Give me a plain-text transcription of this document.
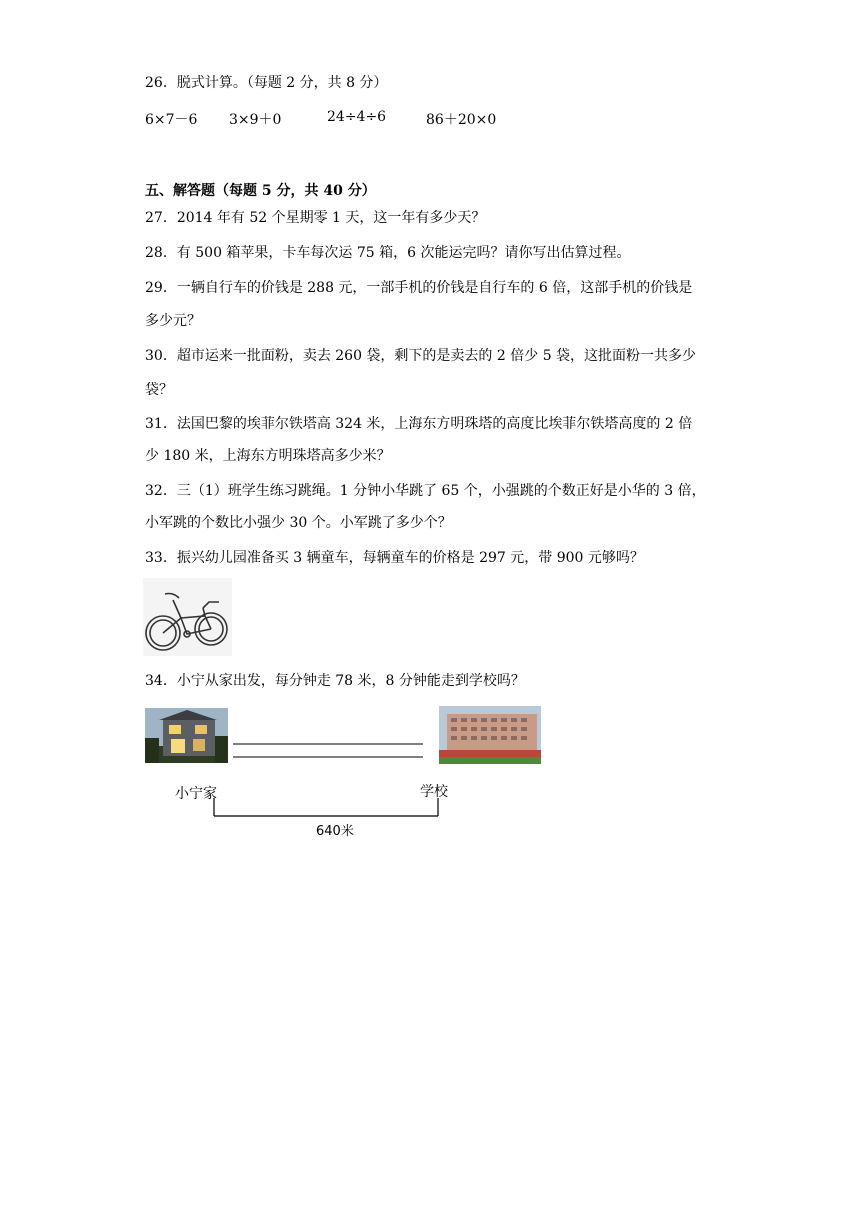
26．脱式计算。（每题 2 分，共 8 分）
6×7－6 3×9＋0	24÷4÷6	86＋20×0
五、解答题（每题 5 分，共 40 分）
27．2014 年有 52 个星期零 1 天，这一年有多少天？
28．有 500 箱苹果，卡车每次运 75 箱，6 次能运完吗？请你写出估算过程。
29．一辆自行车的价钱是 288 元，一部手机的价钱是自行车的 6 倍，这部手机的价钱是
多少元？
30．超市运来一批面粉，卖去 260 袋，剩下的是卖去的 2 倍少 5 袋，这批面粉一共多少
袋？
31．法国巴黎的埃菲尔铁塔高 324 米，上海东方明珠塔的高度比埃菲尔铁塔高度的 2 倍
少 180 米，上海东方明珠塔高多少米？
32．三（1）班学生练习跳绳。1 分钟小华跳了 65 个，小强跳的个数正好是小华的 3 倍，
小军跳的个数比小强少 30 个。小军跳了多少个？
33．振兴幼儿园准备买 3 辆童车，每辆童车的价格是 297 元，带 900 元够吗？
34．小宁从家出发，每分钟走 78 米，8 分钟能走到学校吗？
小宁家	学校
640米
